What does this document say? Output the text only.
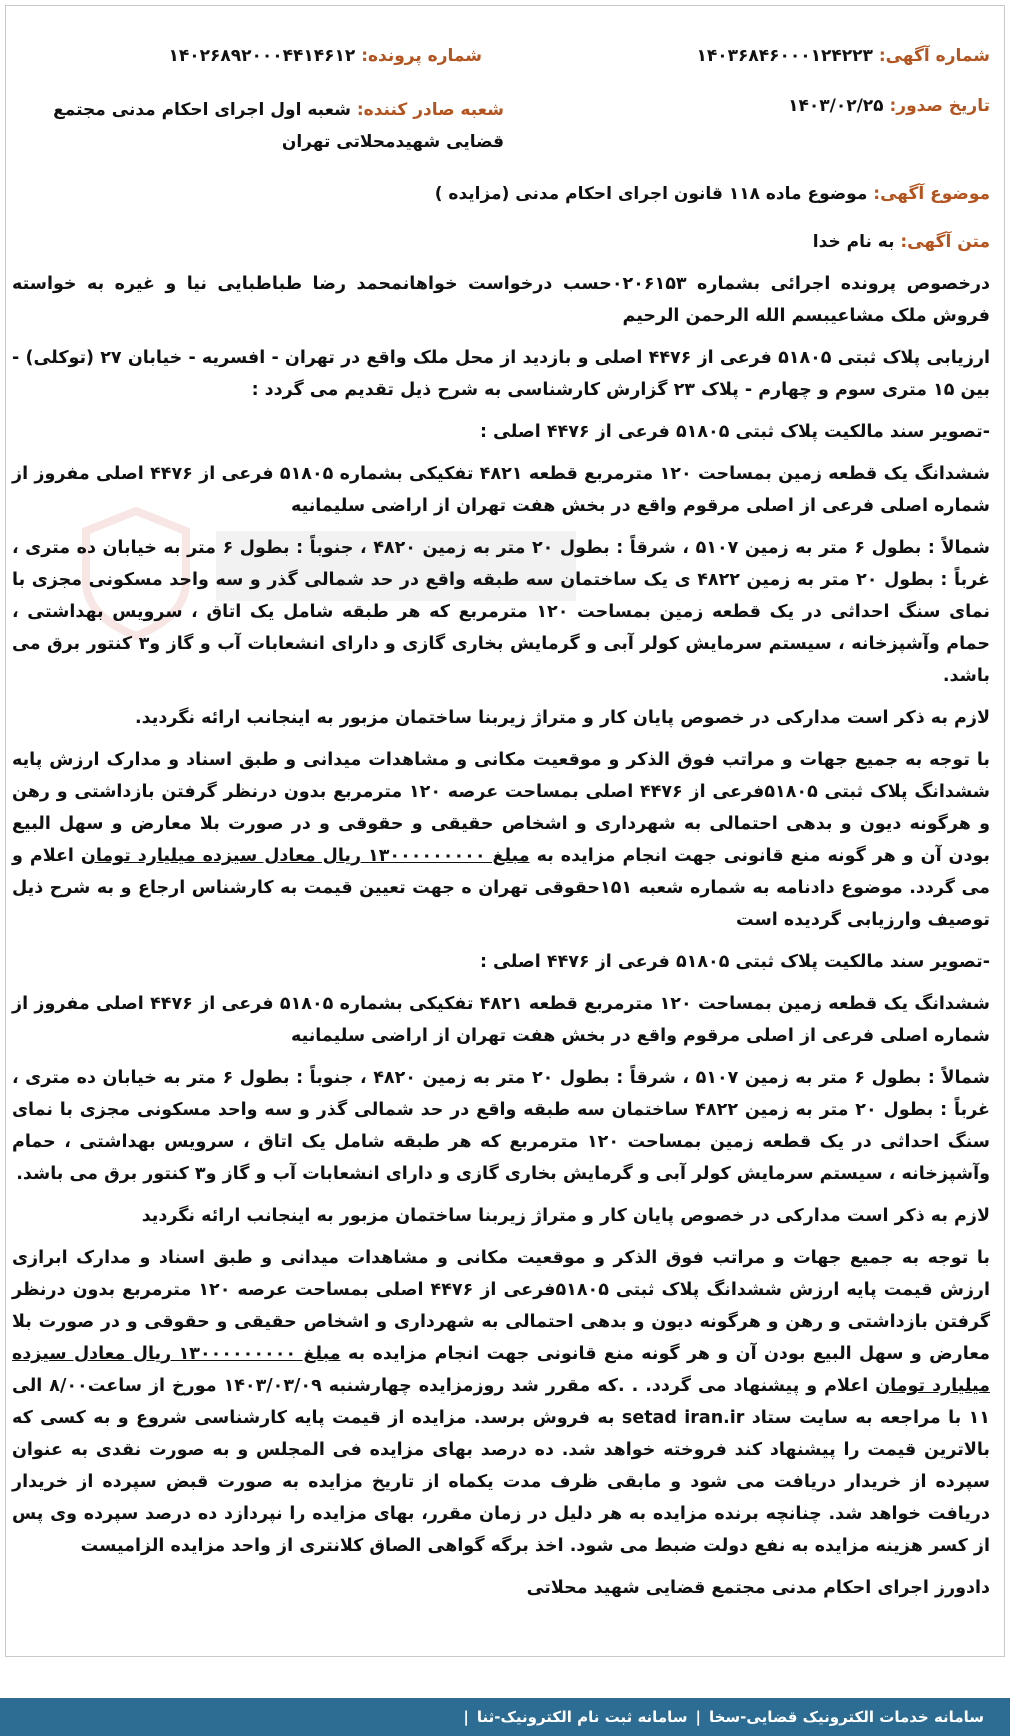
شماره آگهی: ۱۴۰۳۶۸۴۶۰۰۰۱۲۴۲۲۳
شماره پرونده: ۱۴۰۲۶۸۹۲۰۰۰۴۴۱۴۶۱۲
تاریخ صدور: ۱۴۰۳/۰۲/۲۵
شعبه صادر کننده: شعبه اول اجرای احکام مدنی مجتمع قضایی شهیدمحلاتی تهران
موضوع آگهی: موضوع ماده ۱۱۸ قانون اجرای احکام مدنی (مزایده )
متن آگهی: به نام خدا

درخصوص پرونده اجرائی بشماره ۰۲۰۶۱۵۳حسب درخواست خواهانمحمد رضا طباطبایی نیا و غیره به خواسته فروش ملک مشاعیبسم الله الرحمن الرحیم

ارزیابی پلاک ثبتی ۵۱۸۰۵ فرعی از ۴۴۷۶ اصلی و بازدید از محل ملک واقع در تهران - افسریه - خیابان ۲۷ (توکلی) - بین ۱۵ متری سوم و چهارم - پلاک ۲۳ گزارش کارشناسی به شرح ذیل تقدیم می گردد :

-تصویر سند مالکیت پلاک ثبتی ۵۱۸۰۵ فرعی از ۴۴۷۶ اصلی :

ششدانگ یک قطعه زمین بمساحت ۱۲۰ مترمربع قطعه ۴۸۲۱ تفکیکی بشماره ۵۱۸۰۵ فرعی از ۴۴۷۶ اصلی مفروز از شماره اصلی فرعی از اصلی مرقوم واقع در بخش هفت تهران از اراضی سلیمانیه

شمالاً : بطول ۶ متر به زمین ۵۱۰۷ ، شرقاً : بطول ۲۰ متر به زمین ۴۸۲۰ ، جنوباً : بطول ۶ متر به خیابان ده متری ، غرباً : بطول ۲۰ متر به زمین ۴۸۲۲ ی یک ساختمان سه طبقه واقع در حد شمالی گذر و سه واحد مسکونی مجزی با نمای سنگ احداثی در یک قطعه زمین بمساحت ۱۲۰ مترمربع که هر طبقه شامل یک اتاق ، سرویس بهداشتی ، حمام وآشپزخانه ، سیستم سرمایش کولر آبی و گرمایش بخاری گازی و دارای انشعابات آب و گاز و۳ کنتور برق می باشد.

لازم به ذکر است مدارکی در خصوص پایان کار و متراژ زیربنا ساختمان مزبور به اینجانب ارائه نگردید.

با توجه به جمیع جهات و مراتب فوق الذکر و موقعیت مکانی و مشاهدات میدانی و طبق اسناد و مدارک ارزش پایه ششدانگ پلاک ثبتی ۵۱۸۰۵فرعی از ۴۴۷۶ اصلی بمساحت عرصه ۱۲۰ مترمربع بدون درنظر گرفتن بازداشتی و رهن و هرگونه دیون و بدهی احتمالی به شهرداری و اشخاص حقیقی و حقوقی و در صورت بلا معارض و سهل البیع بودن آن و هر گونه منع قانونی جهت انجام مزایده به مبلغ ۱۳۰۰۰۰۰۰۰۰۰ ریال معادل سیزده میلیارد تومان اعلام و می گردد. موضوع دادنامه به شماره شعبه ۱۵۱حقوقی تهران ه جهت تعیین قیمت به کارشناس ارجاع و به شرح ذیل توصیف وارزیابی گردیده است

-تصویر سند مالکیت پلاک ثبتی ۵۱۸۰۵ فرعی از ۴۴۷۶ اصلی :

ششدانگ یک قطعه زمین بمساحت ۱۲۰ مترمربع قطعه ۴۸۲۱ تفکیکی بشماره ۵۱۸۰۵ فرعی از ۴۴۷۶ اصلی مفروز از شماره اصلی فرعی از اصلی مرقوم واقع در بخش هفت تهران از اراضی سلیمانیه

شمالاً : بطول ۶ متر به زمین ۵۱۰۷ ، شرقاً : بطول ۲۰ متر به زمین ۴۸۲۰ ، جنوباً : بطول ۶ متر به خیابان ده متری ، غرباً : بطول ۲۰ متر به زمین ۴۸۲۲ ساختمان سه طبقه واقع در حد شمالی گذر و سه واحد مسکونی مجزی با نمای سنگ احداثی در یک قطعه زمین بمساحت ۱۲۰ مترمربع که هر طبقه شامل یک اتاق ، سرویس بهداشتی ، حمام وآشپزخانه ، سیستم سرمایش کولر آبی و گرمایش بخاری گازی و دارای انشعابات آب و گاز و۳ کنتور برق می باشد.

لازم به ذکر است مدارکی در خصوص پایان کار و متراژ زیربنا ساختمان مزبور به اینجانب ارائه نگردید

با توجه به جمیع جهات و مراتب فوق الذکر و موقعیت مکانی و مشاهدات میدانی و طبق اسناد و مدارک ابرازی ارزش قیمت پایه ارزش ششدانگ پلاک ثبتی ۵۱۸۰۵فرعی از ۴۴۷۶ اصلی بمساحت عرصه ۱۲۰ مترمربع بدون درنظر گرفتن بازداشتی و رهن و هرگونه دیون و بدهی احتمالی به شهرداری و اشخاص حقیقی و حقوقی و در صورت بلا معارض و سهل البیع بودن آن و هر گونه منع قانونی جهت انجام مزایده به مبلغ ۱۳۰۰۰۰۰۰۰۰۰ ریال معادل سیزده میلیارد تومان اعلام و پیشنهاد می گردد. . .که مقرر شد روزمزایده چهارشنبه ۱۴۰۳/۰۳/۰۹ مورخ از ساعت۸/۰۰ الی ۱۱ با مراجعه به سایت ستاد setad iran.ir به فروش برسد. مزایده از قیمت پایه کارشناسی شروع و به کسی که بالاترین قیمت را پیشنهاد کند فروخته خواهد شد. ده درصد بهای مزایده فی المجلس و به صورت نقدی به عنوان سپرده از خریدار دریافت می شود و مابقی ظرف مدت یکماه از تاریخ مزایده به صورت قبض سپرده از خریدار دریافت خواهد شد. چنانچه برنده مزایده به هر دلیل در زمان مقرر، بهای مزایده را نپردازد ده درصد سپرده وی پس از کسر هزینه مزایده به نفع دولت ضبط می شود. اخذ برگه گواهی الصاق کلانتری از واحد مزایده الزامیست

دادورز اجرای احکام مدنی مجتمع قضایی شهید محلاتی

سامانه خدمات الکترونیک قضایی-سخا
|
سامانه ثبت نام الکترونیک-ثنا
|
